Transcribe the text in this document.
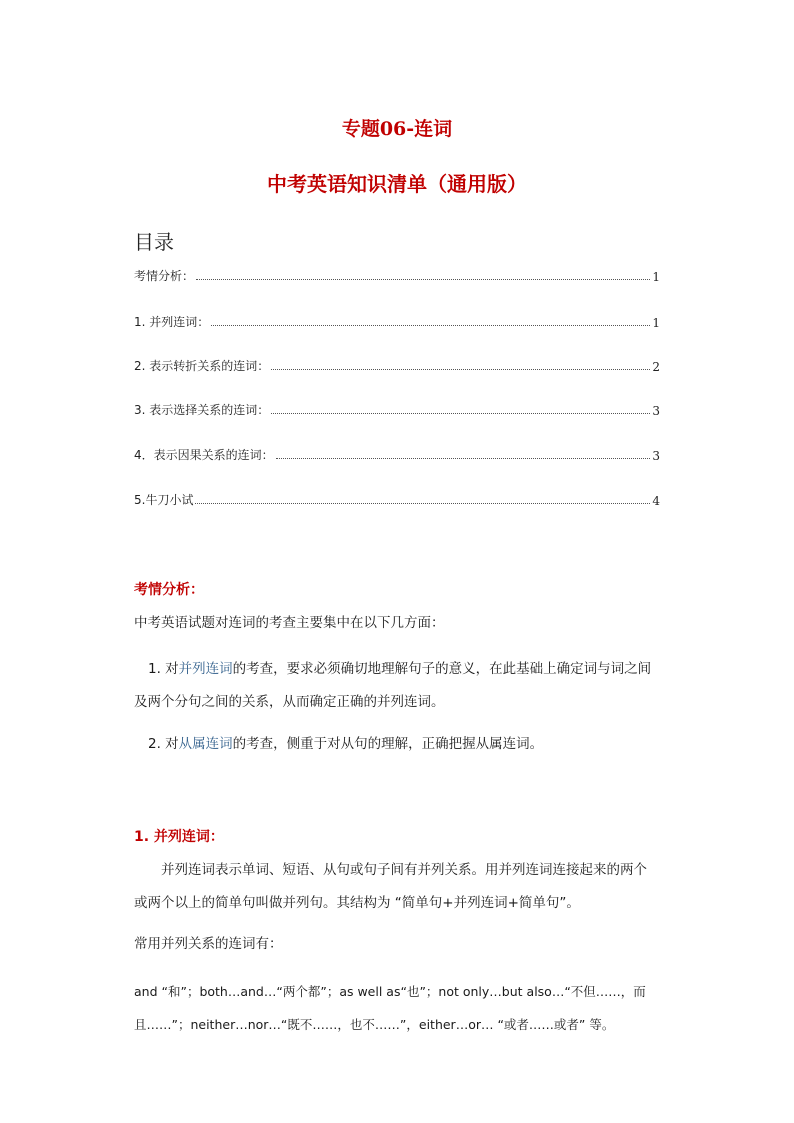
专题06-连词
中考英语知识清单（通用版）
目录
考情分析：	1
1. 并列连词：	1
2. 表示转折关系的连词：	2
3. 表示选择关系的连词：	3
4．表示因果关系的连词：	3
5.牛刀小试	4
考情分析：
中考英语试题对连词的考查主要集中在以下几方面：
1. 对并列连词的考查，要求必须确切地理解句子的意义，在此基础上确定词与词之间及两个分句之间的关系，从而确定正确的并列连词。
2. 对从属连词的考查，侧重于对从句的理解，正确把握从属连词。
1. 并列连词：
并列连词表示单词、短语、从句或句子间有并列关系。用并列连词连接起来的两个或两个以上的简单句叫做并列句。其结构为 “简单句+并列连词+简单句”。
常用并列关系的连词有：
and “和”；both…and…“两个都”；as well as“也”；not only…but also…“不但……，而且……”；neither…nor…“既不……，也不……”，either…or… “或者……或者” 等。
